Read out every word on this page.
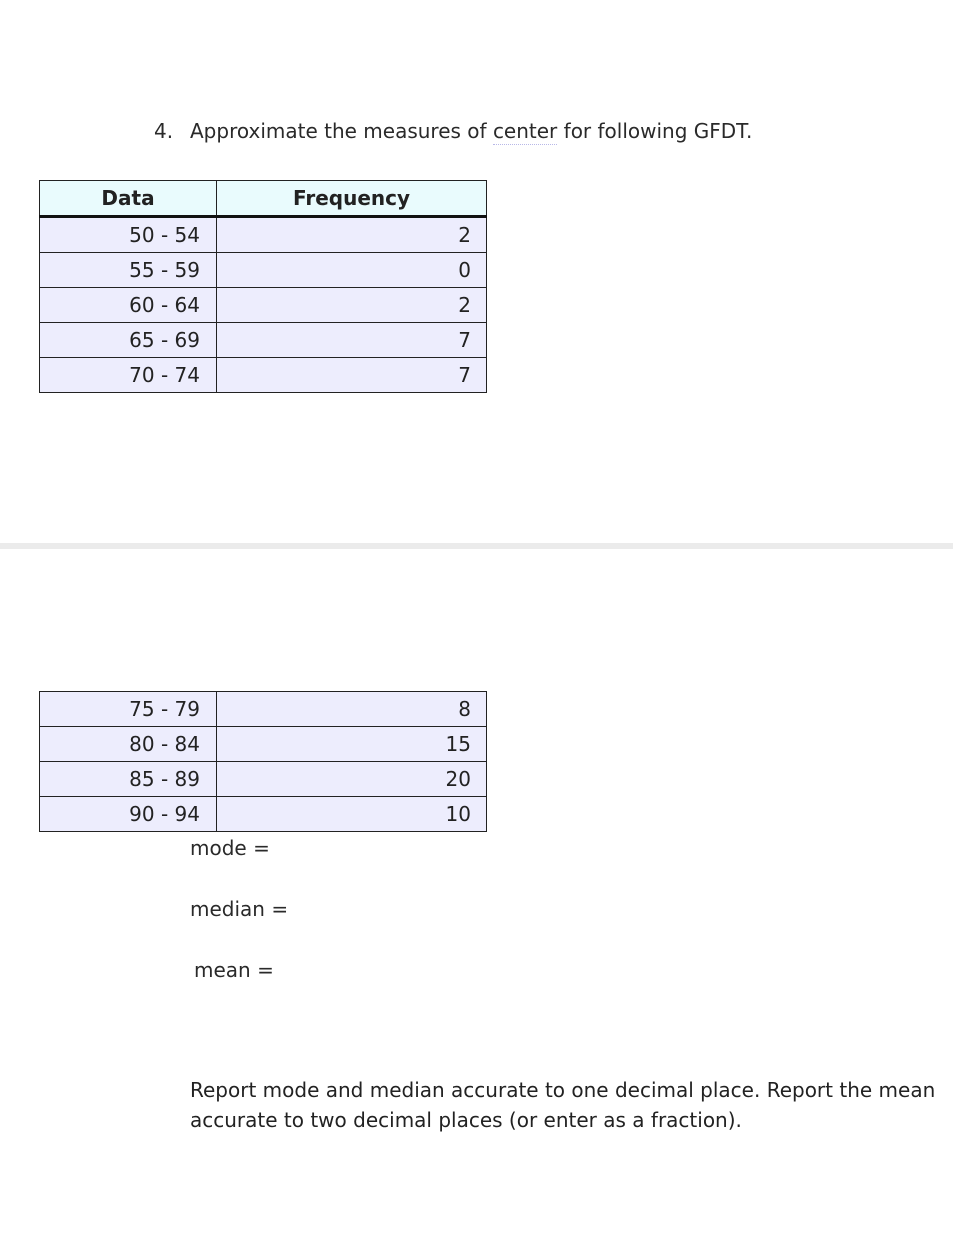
4. Approximate the measures of center for following GFDT.
Data	Frequency
50 - 54	2
55 - 59	0
60 - 64	2
65 - 69	7
70 - 74	7
75 - 79	8
80 - 84	15
85 - 89	20
90 - 94	10
mode =
median =
mean =
Report mode and median accurate to one decimal place. Report the mean accurate to two decimal places (or enter as a fraction).
